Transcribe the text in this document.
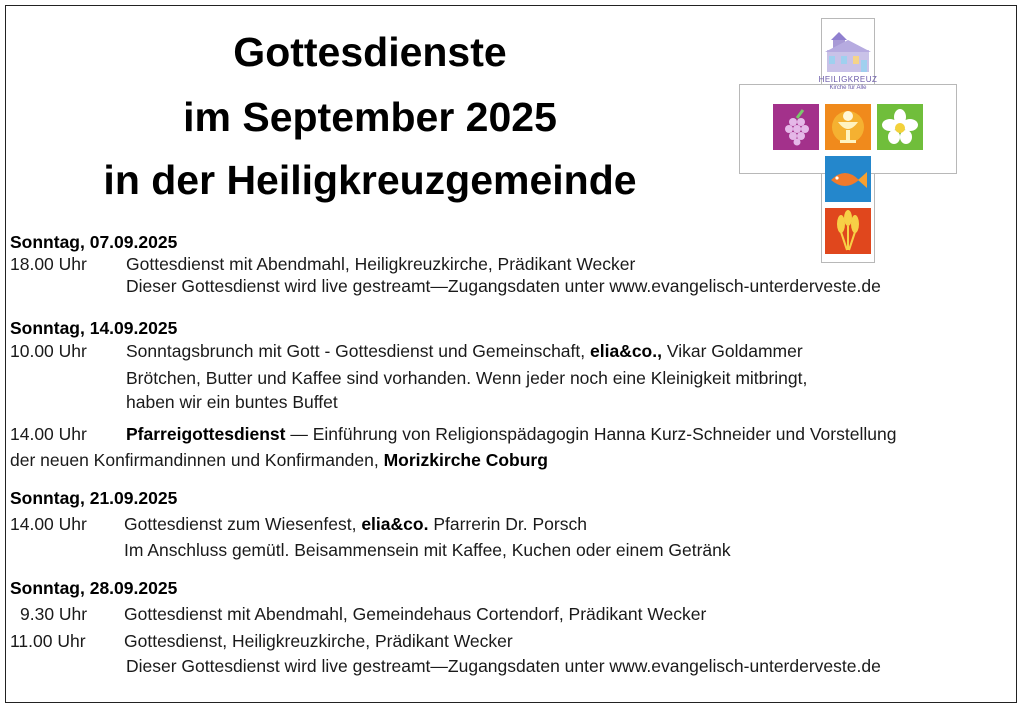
Gottesdienste
im September 2025
in der Heiligkreuzgemeinde
HEILIGKREUZ
Kirche für Alle
Sonntag, 07.09.2025
18.00 Uhr Gottesdienst mit Abendmahl, Heiligkreuzkirche, Prädikant Wecker
Dieser Gottesdienst wird live gestreamt—Zugangsdaten unter www.evangelisch-unterderveste.de
Sonntag, 14.09.2025
10.00 Uhr Sonntagsbrunch mit Gott - Gottesdienst und Gemeinschaft, elia&co., Vikar Goldammer
Brötchen, Butter und Kaffee sind vorhanden. Wenn jeder noch eine Kleinigkeit mitbringt,
haben wir ein buntes Buffet
14.00 Uhr Pfarreigottesdienst — Einführung von Religionspädagogin Hanna Kurz-Schneider und Vorstellung
der neuen Konfirmandinnen und Konfirmanden, Morizkirche Coburg
Sonntag, 21.09.2025
14.00 Uhr Gottesdienst zum Wiesenfest, elia&co. Pfarrerin Dr. Porsch
Im Anschluss gemütl. Beisammensein mit Kaffee, Kuchen oder einem Getränk
Sonntag, 28.09.2025
9.30 Uhr Gottesdienst mit Abendmahl, Gemeindehaus Cortendorf, Prädikant Wecker
11.00 Uhr Gottesdienst, Heiligkreuzkirche, Prädikant Wecker
Dieser Gottesdienst wird live gestreamt—Zugangsdaten unter www.evangelisch-unterderveste.de
